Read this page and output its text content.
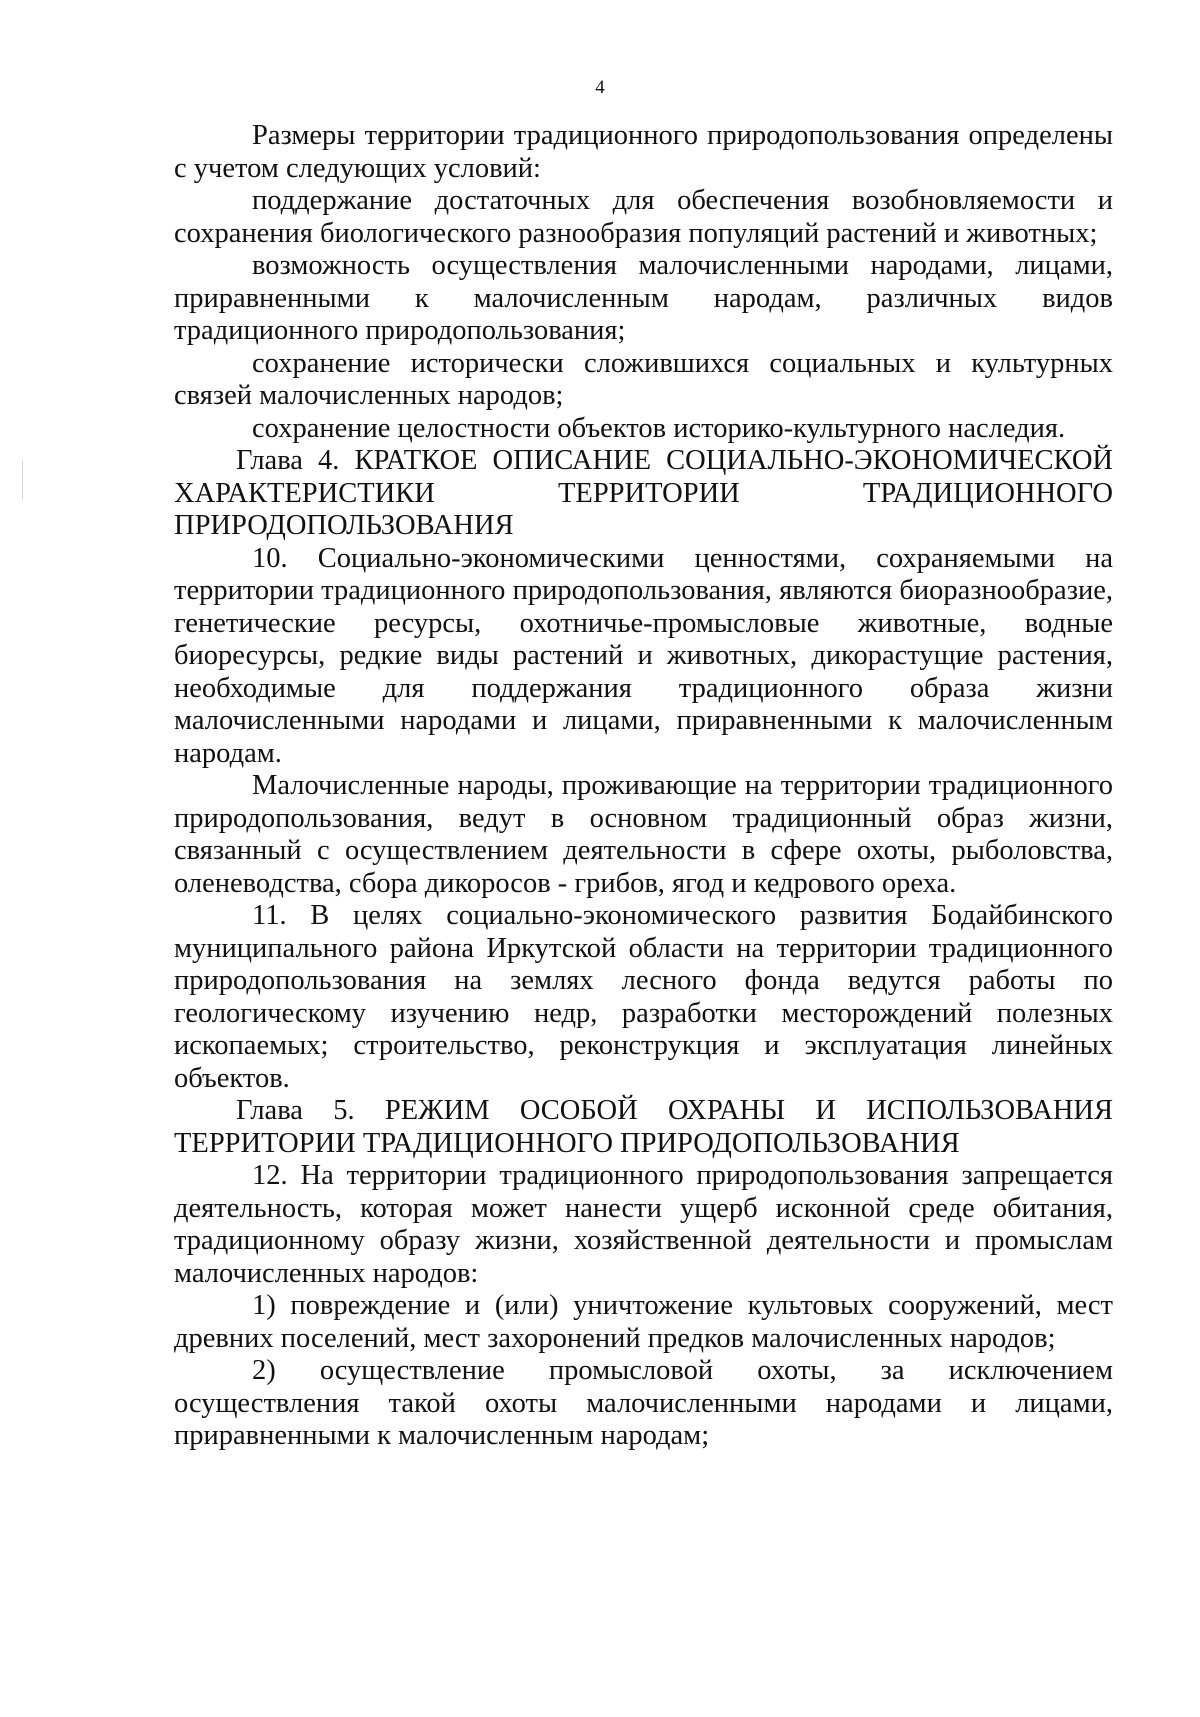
4

Размеры территории традиционного природопользования определены с учетом следующих условий:

поддержание достаточных для обеспечения возобновляемости и сохранения биологического разнообразия популяций растений и животных;

возможность осуществления малочисленными народами, лицами, приравненными к малочисленным народам, различных видов традиционного природопользования;

сохранение исторически сложившихся социальных и культурных связей малочисленных народов;

сохранение целостности объектов историко-культурного наследия.

Глава 4. КРАТКОЕ ОПИСАНИЕ СОЦИАЛЬНО-ЭКОНОМИЧЕСКОЙ ХАРАКТЕРИСТИКИ ТЕРРИТОРИИ ТРАДИЦИОННОГО ПРИРОДОПОЛЬЗОВАНИЯ

10. Социально-экономическими ценностями, сохраняемыми на территории традиционного природопользования, являются биоразнообразие, генетические ресурсы, охотничье-промысловые животные, водные биоресурсы, редкие виды растений и животных, дикорастущие растения, необходимые для поддержания традиционного образа жизни малочисленными народами и лицами, приравненными к малочисленным народам.

Малочисленные народы, проживающие на территории традиционного природопользования, ведут в основном традиционный образ жизни, связанный с осуществлением деятельности в сфере охоты, рыболовства, оленеводства, сбора дикоросов - грибов, ягод и кедрового ореха.

11. В целях социально-экономического развития Бодайбинского муниципального района Иркутской области на территории традиционного природопользования на землях лесного фонда ведутся работы по геологическому изучению недр, разработки месторождений полезных ископаемых; строительство, реконструкция и эксплуатация линейных объектов.

Глава 5. РЕЖИМ ОСОБОЙ ОХРАНЫ И ИСПОЛЬЗОВАНИЯ ТЕРРИТОРИИ ТРАДИЦИОННОГО ПРИРОДОПОЛЬЗОВАНИЯ

12. На территории традиционного природопользования запрещается деятельность, которая может нанести ущерб исконной среде обитания, традиционному образу жизни, хозяйственной деятельности и промыслам малочисленных народов:

1) повреждение и (или) уничтожение культовых сооружений, мест древних поселений, мест захоронений предков малочисленных народов;

2) осуществление промысловой охоты, за исключением осуществления такой охоты малочисленными народами и лицами, приравненными к малочисленным народам;
